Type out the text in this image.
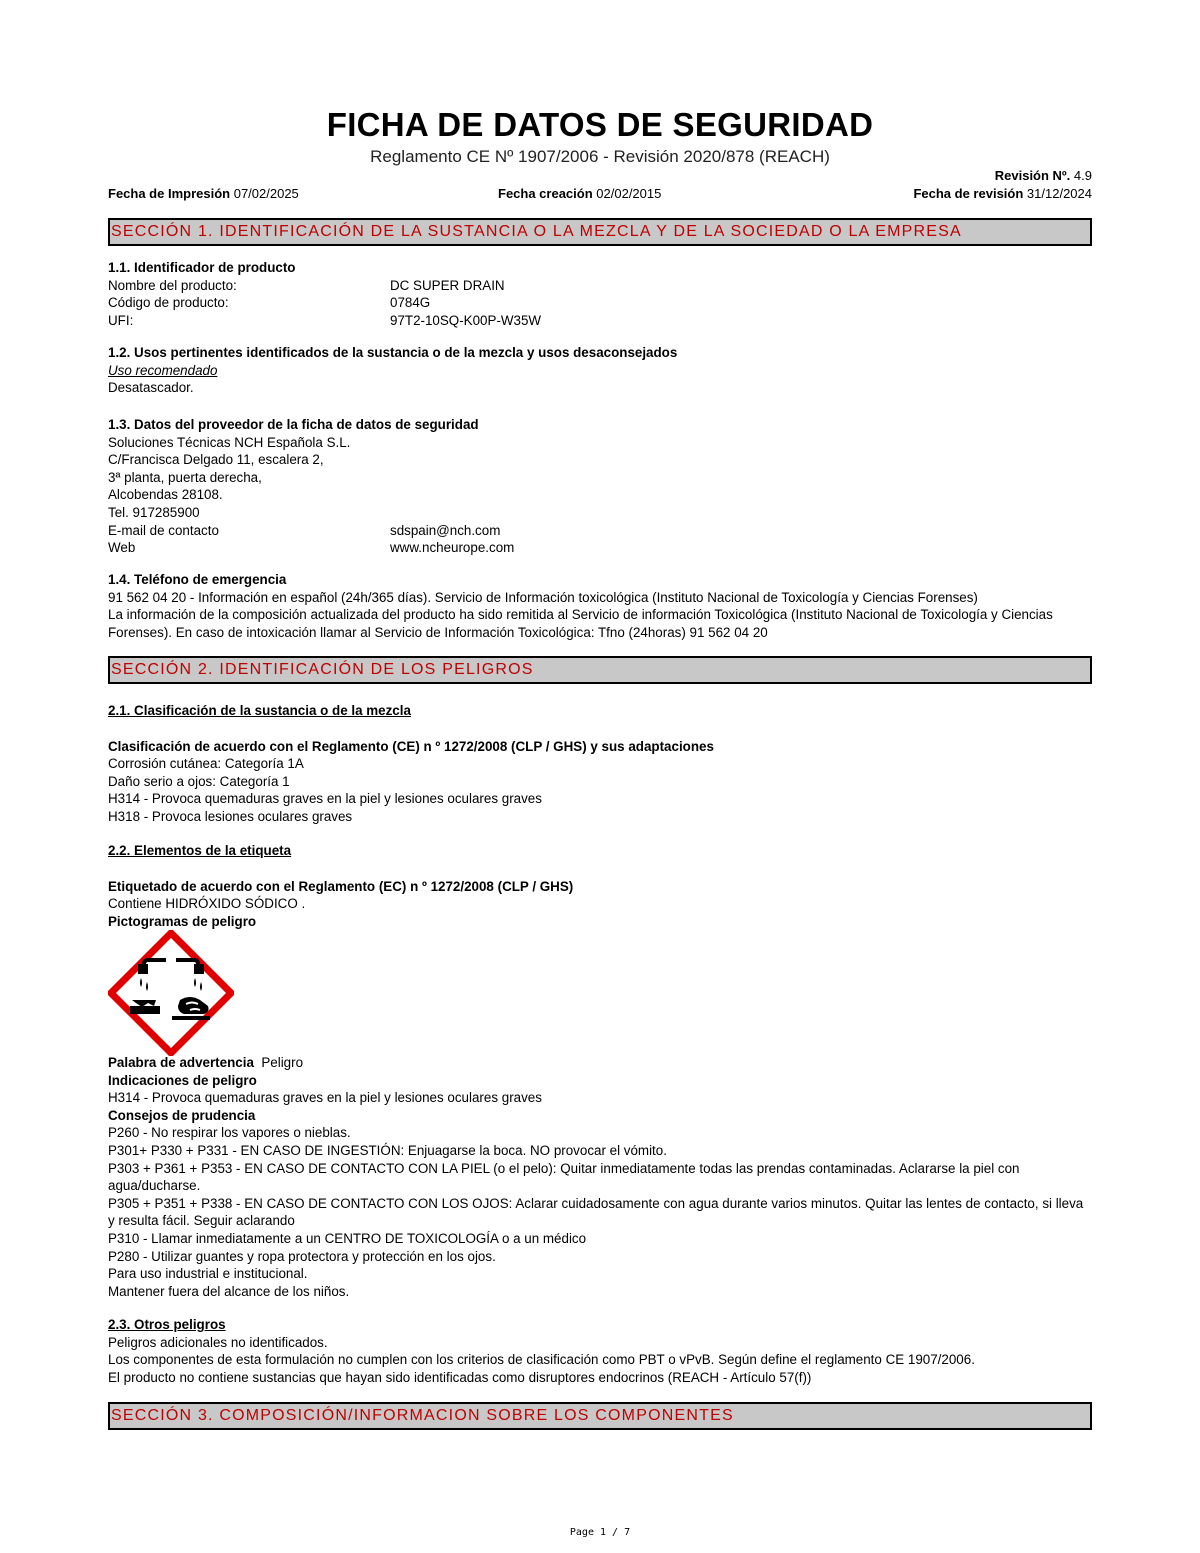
FICHA DE DATOS DE SEGURIDAD
Reglamento CE Nº 1907/2006 - Revisión 2020/878 (REACH)
Revisión Nº. 4.9
Fecha de Impresión 07/02/2025	Fecha creación 02/02/2015	Fecha de revisión 31/12/2024
SECCIÓN 1. IDENTIFICACIÓN DE LA SUSTANCIA O LA MEZCLA Y DE LA SOCIEDAD O LA EMPRESA
1.1. Identificador de producto
Nombre del producto:	DC SUPER DRAIN
Código de producto:	0784G
UFI:	97T2-10SQ-K00P-W35W
1.2. Usos pertinentes identificados de la sustancia o de la mezcla y usos desaconsejados
Uso recomendado
Desatascador.
1.3. Datos del proveedor de la ficha de datos de seguridad
Soluciones Técnicas NCH Española S.L.
C/Francisca Delgado 11, escalera 2,
3ª planta, puerta derecha,
Alcobendas 28108.
Tel. 917285900
E-mail de contacto	sdspain@nch.com
Web	www.ncheurope.com
1.4. Teléfono de emergencia
91 562 04 20 - Información en español (24h/365 días). Servicio de Información toxicológica (Instituto Nacional de Toxicología y Ciencias Forenses)
La información de la composición actualizada del producto ha sido remitida al Servicio de información Toxicológica (Instituto Nacional de Toxicología y Ciencias Forenses). En caso de intoxicación llamar al Servicio de Información Toxicológica: Tfno (24horas) 91 562 04 20
SECCIÓN 2. IDENTIFICACIÓN DE LOS PELIGROS
2.1. Clasificación de la sustancia o de la mezcla
Clasificación de acuerdo con el Reglamento (CE) n º 1272/2008 (CLP / GHS) y sus adaptaciones
Corrosión cutánea: Categoría 1A
Daño serio a ojos: Categoría 1
H314 - Provoca quemaduras graves en la piel y lesiones oculares graves
H318 - Provoca lesiones oculares graves
2.2. Elementos de la etiqueta
Etiquetado de acuerdo con el Reglamento (EC) n º 1272/2008 (CLP / GHS)
Contiene HIDRÓXIDO SÓDICO .
Pictogramas de peligro
Palabra de advertencia Peligro
Indicaciones de peligro
H314 - Provoca quemaduras graves en la piel y lesiones oculares graves
Consejos de prudencia
P260 - No respirar los vapores o nieblas.
P301+ P330 + P331 - EN CASO DE INGESTIÓN: Enjuagarse la boca. NO provocar el vómito.
P303 + P361 + P353 - EN CASO DE CONTACTO CON LA PIEL (o el pelo): Quitar inmediatamente todas las prendas contaminadas. Aclararse la piel con agua/ducharse.
P305 + P351 + P338 - EN CASO DE CONTACTO CON LOS OJOS: Aclarar cuidadosamente con agua durante varios minutos. Quitar las lentes de contacto, si lleva y resulta fácil. Seguir aclarando
P310 - Llamar inmediatamente a un CENTRO DE TOXICOLOGÍA o a un médico
P280 - Utilizar guantes y ropa protectora y protección en los ojos.
Para uso industrial e institucional.
Mantener fuera del alcance de los niños.
2.3. Otros peligros
Peligros adicionales no identificados.
Los componentes de esta formulación no cumplen con los criterios de clasificación como PBT o vPvB. Según define el reglamento CE 1907/2006.
El producto no contiene sustancias que hayan sido identificadas como disruptores endocrinos (REACH - Artículo 57(f))
SECCIÓN 3. COMPOSICIÓN/INFORMACION SOBRE LOS COMPONENTES
Page 1 / 7
